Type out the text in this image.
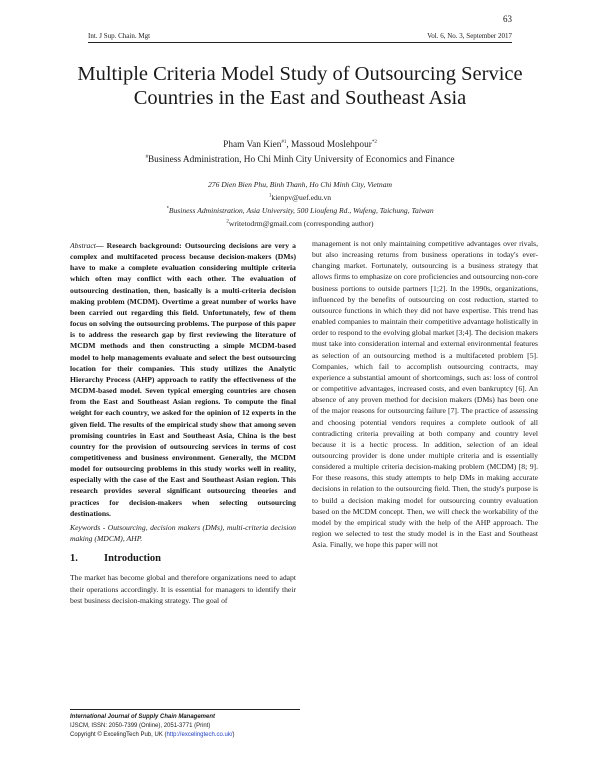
63
Int. J Sup. Chain. Mgt	Vol. 6, No. 3, September 2017
Multiple Criteria Model Study of Outsourcing Service Countries in the East and Southeast Asia
Pham Van Kien$^{\#1}$, Massoud Moslehpour$^{*2}$
#Business Administration, Ho Chi Minh City University of Economics and Finance
276 Dien Bien Phu, Binh Thanh, Ho Chi Minh City, Vietnam
$^1$kienpv@uef.edu.vn
*Business Administration, Asia University, 500 Lioufeng Rd., Wufeng, Taichung, Taiwan
$^2$writetodrm@gmail.com (corresponding author)

Abstract— Research background: Outsourcing decisions are very a complex and multifaceted process because decision-makers (DMs) have to make a complete evaluation considering multiple criteria which often may conflict with each other. The evaluation of outsourcing destination, then, basically is a multi-criteria decision making problem (MCDM). Overtime a great number of works have been carried out regarding this field. Unfortunately, few of them focus on solving the outsourcing problems. The purpose of this paper is to address the research gap by first reviewing the literature of MCDM methods and then constructing a simple MCDM-based model to help managements evaluate and select the best outsourcing location for their companies. This study utilizes the Analytic Hierarchy Process (AHP) approach to ratify the effectiveness of the MCDM-based model. Seven typical emerging countries are chosen from the East and Southeast Asian regions. To compute the final weight for each country, we asked for the opinion of 12 experts in the given field. The results of the empirical study show that among seven promising countries in East and Southeast Asia, China is the best country for the provision of outsourcing services in terms of cost competitiveness and business environment. Generally, the MCDM model for outsourcing problems in this study works well in reality, especially with the case of the East and Southeast Asian region. This research provides several significant outsourcing theories and practices for decision-makers when selecting outsourcing destinations.

Keywords - Outsourcing, decision makers (DMs), multi-criteria decision making (MDCM), AHP.

1. Introduction

The market has become global and therefore organizations need to adapt their operations accordingly. It is essential for managers to identify their best business decision-making strategy. The goal of

management is not only maintaining competitive advantages over rivals, but also increasing returns from business operations in today's ever-changing market. Fortunately, outsourcing is a business strategy that allows firms to emphasize on core proficiencies and outsourcing non-core business portions to outside partners [1;2]. In the 1990s, organizations, influenced by the benefits of outsourcing on cost reduction, started to outsource functions in which they did not have expertise. This trend has enabled companies to maintain their competitive advantage holistically in order to respond to the evolving global market [3;4]. The decision makers must take into consideration internal and external environmental features as selection of an outsourcing method is a multifaceted problem [5]. Companies, which fail to accomplish outsourcing contracts, may experience a substantial amount of shortcomings, such as: loss of control or competitive advantages, increased costs, and even bankruptcy [6]. An absence of any proven method for decision makers (DMs) has been one of the major reasons for outsourcing failure [7]. The practice of assessing and choosing potential vendors requires a complete outlook of all contradicting criteria prevailing at both company and country level because it is a hectic process. In addition, selection of an ideal outsourcing provider is done under multiple criteria and is essentially considered a multiple criteria decision-making problem (MCDM) [8; 9]. For these reasons, this study attempts to help DMs in making accurate decisions in relation to the outsourcing field. Then, the study's purpose is to build a decision making model for outsourcing country evaluation based on the MCDM concept. Then, we will check the workability of the model by the empirical study with the help of the AHP approach. The region we selected to test the study model is in the East and Southeast Asia. Finally, we hope this paper will not

International Journal of Supply Chain Management
IJSCM, ISSN: 2050-7399 (Online), 2051-3771 (Print)
Copyright © ExcelingTech Pub, UK (http://excelingtech.co.uk/)
